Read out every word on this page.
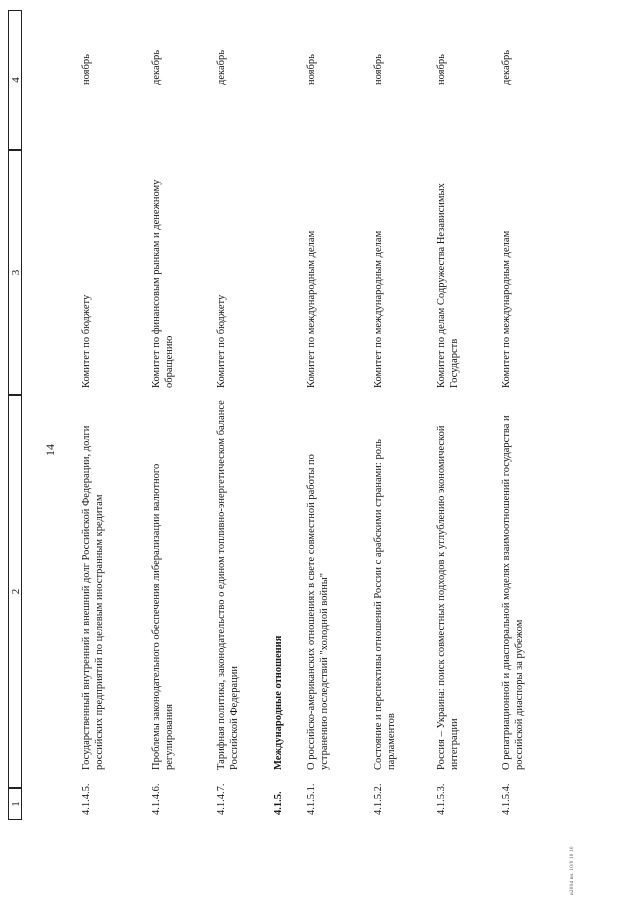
14
1
2
3
4
4.1.4.5.
Государственный внутренний и внешний долг Российской Федерации, долги российских предприятий по целевым иностранным кредитам
Комитет по бюджету
ноябрь
4.1.4.6.
Проблемы законодательного обеспечения либерализации валютного регулирования
Комитет по финансовым рынкам и денежному обращению
декабрь
4.1.4.7.
Тарифная политика, законодательство о едином топливно-энергетическом балансе Российской Федерации
Комитет по бюджету
декабрь
4.1.5.
Международные отношения
4.1.5.1.
О российско-американских отношениях в свете совместной работы по устранению последствий "холодной войны"
Комитет по международным делам
ноябрь
4.1.5.2.
Состояние и перспективы отношений России с арабскими странами: роль парламентов
Комитет по международным делам
ноябрь
4.1.5.3.
Россия – Украина: поиск совместных подходов к углублению экономической интеграции
Комитет по делам Содружества Независимых Государств
ноябрь
4.1.5.4.
О репатриационной и диаспоральной моделях взаимоотношений государства и российской диаспоры за рубежом
Комитет по международным делам
декабрь
н2004 вн. 10/0 10 10
